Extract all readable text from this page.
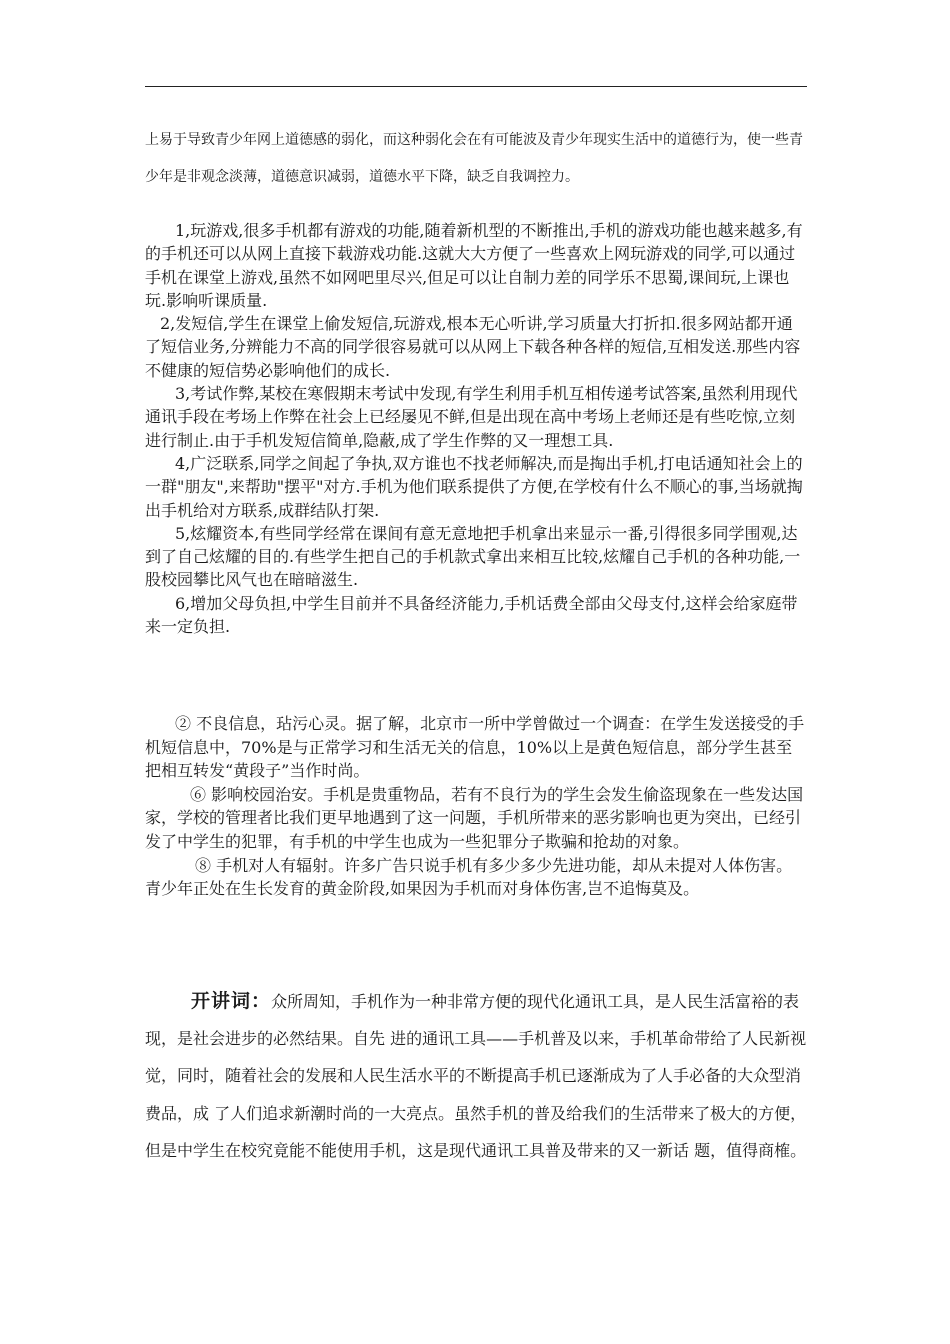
上易于导致青少年网上道德感的弱化，而这种弱化会在有可能波及青少年现实生活中的道德行为，使一些青少年是非观念淡薄，道德意识减弱，道德水平下降，缺乏自我调控力。

1,玩游戏,很多手机都有游戏的功能,随着新机型的不断推出,手机的游戏功能也越来越多,有的手机还可以从网上直接下载游戏功能.这就大大方便了一些喜欢上网玩游戏的同学,可以通过手机在课堂上游戏,虽然不如网吧里尽兴,但足可以让自制力差的同学乐不思蜀,课间玩,上课也玩.影响听课质量.

2,发短信,学生在课堂上偷发短信,玩游戏,根本无心听讲,学习质量大打折扣.很多网站都开通了短信业务,分辨能力不高的同学很容易就可以从网上下载各种各样的短信,互相发送.那些内容不健康的短信势必影响他们的成长.

3,考试作弊,某校在寒假期末考试中发现,有学生利用手机互相传递考试答案,虽然利用现代通讯手段在考场上作弊在社会上已经屡见不鲜,但是出现在高中考场上老师还是有些吃惊,立刻进行制止.由于手机发短信简单,隐蔽,成了学生作弊的又一理想工具.

4,广泛联系,同学之间起了争执,双方谁也不找老师解决,而是掏出手机,打电话通知社会上的一群"朋友",来帮助"摆平"对方.手机为他们联系提供了方便,在学校有什么不顺心的事,当场就掏出手机给对方联系,成群结队打架.

5,炫耀资本,有些同学经常在课间有意无意地把手机拿出来显示一番,引得很多同学围观,达到了自己炫耀的目的.有些学生把自己的手机款式拿出来相互比较,炫耀自己手机的各种功能,一股校园攀比风气也在暗暗滋生.

6,增加父母负担,中学生目前并不具备经济能力,手机话费全部由父母支付,这样会给家庭带来一定负担.

② 不良信息，玷污心灵。据了解，北京市一所中学曾做过一个调查：在学生发送接受的手机短信息中，70%是与正常学习和生活无关的信息，10%以上是黄色短信息，部分学生甚至把相互转发“黄段子”当作时尚。

⑥ 影响校园治安。手机是贵重物品，若有不良行为的学生会发生偷盗现象在一些发达国家，学校的管理者比我们更早地遇到了这一问题，手机所带来的恶劣影响也更为突出，已经引发了中学生的犯罪，有手机的中学生也成为一些犯罪分子欺骗和抢劫的对象。

⑧ 手机对人有辐射。许多广告只说手机有多少多少先进功能，却从未提对人体伤害。青少年正处在生长发育的黄金阶段,如果因为手机而对身体伤害,岂不追悔莫及。

开讲词：众所周知，手机作为一种非常方便的现代化通讯工具，是人民生活富裕的表现，是社会进步的必然结果。自先 进的通讯工具——手机普及以来，手机革命带给了人民新视觉，同时，随着社会的发展和人民生活水平的不断提高手机已逐渐成为了人手必备的大众型消费品，成 了人们追求新潮时尚的一大亮点。虽然手机的普及给我们的生活带来了极大的方便，但是中学生在校究竟能不能使用手机，这是现代通讯工具普及带来的又一新话 题，值得商榷。
